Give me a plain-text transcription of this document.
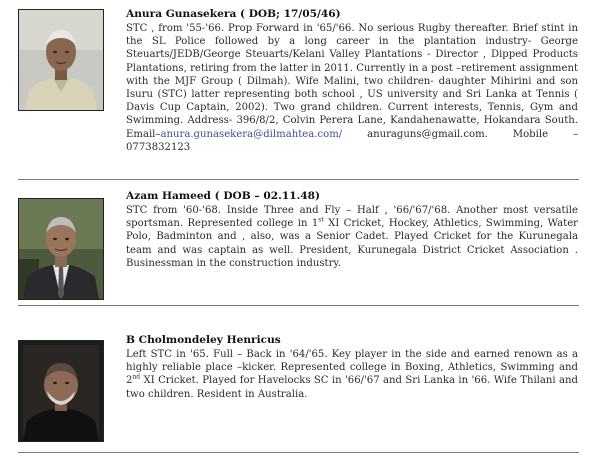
Anura Gunasekera ( DOB; 17/05/46)

STC , from '55-'66. Prop Forward in '65/'66. No serious Rugby thereafter. Brief stint in the SL Police followed by a long career in the plantation industry- George Steuarts/JEDB/George Steuarts/Kelani Valley Plantations - Director , Dipped Products Plantations, retiring from the latter in 2011. Currently in a post –retirement assignment with the MJF Group ( Dilmah). Wife Malini, two children- daughter Mihirini and son Isuru (STC) latter representing both school , US university and Sri Lanka at Tennis ( Davis Cup Captain, 2002). Two grand children. Current interests, Tennis, Gym and Swimming. Address- 396/8/2, Colvin Perera Lane, Kandahenawatte, Hokandara South. Email–anura.gunasekera@dilmahtea.com/ anuraguns@gmail.com. Mobile – 0773832123

Azam Hameed ( DOB – 02.11.48)

STC from '60-'68. Inside Three and Fly – Half , '66/'67/'68. Another most versatile sportsman. Represented college in 1st XI Cricket, Hockey, Athletics, Swimming, Water Polo, Badminton and , also, was a Senior Cadet. Played Cricket for the Kurunegala team and was captain as well. President, Kurunegala District Cricket Association . Businessman in the construction industry.

B Cholmondeley Henricus

Left STC in '65. Full – Back in '64/'65. Key player in the side and earned renown as a highly reliable place –kicker. Represented college in Boxing, Athletics, Swimming and 2nd XI Cricket. Played for Havelocks SC in '66/'67 and Sri Lanka in '66. Wife Thilani and two children. Resident in Australia.
